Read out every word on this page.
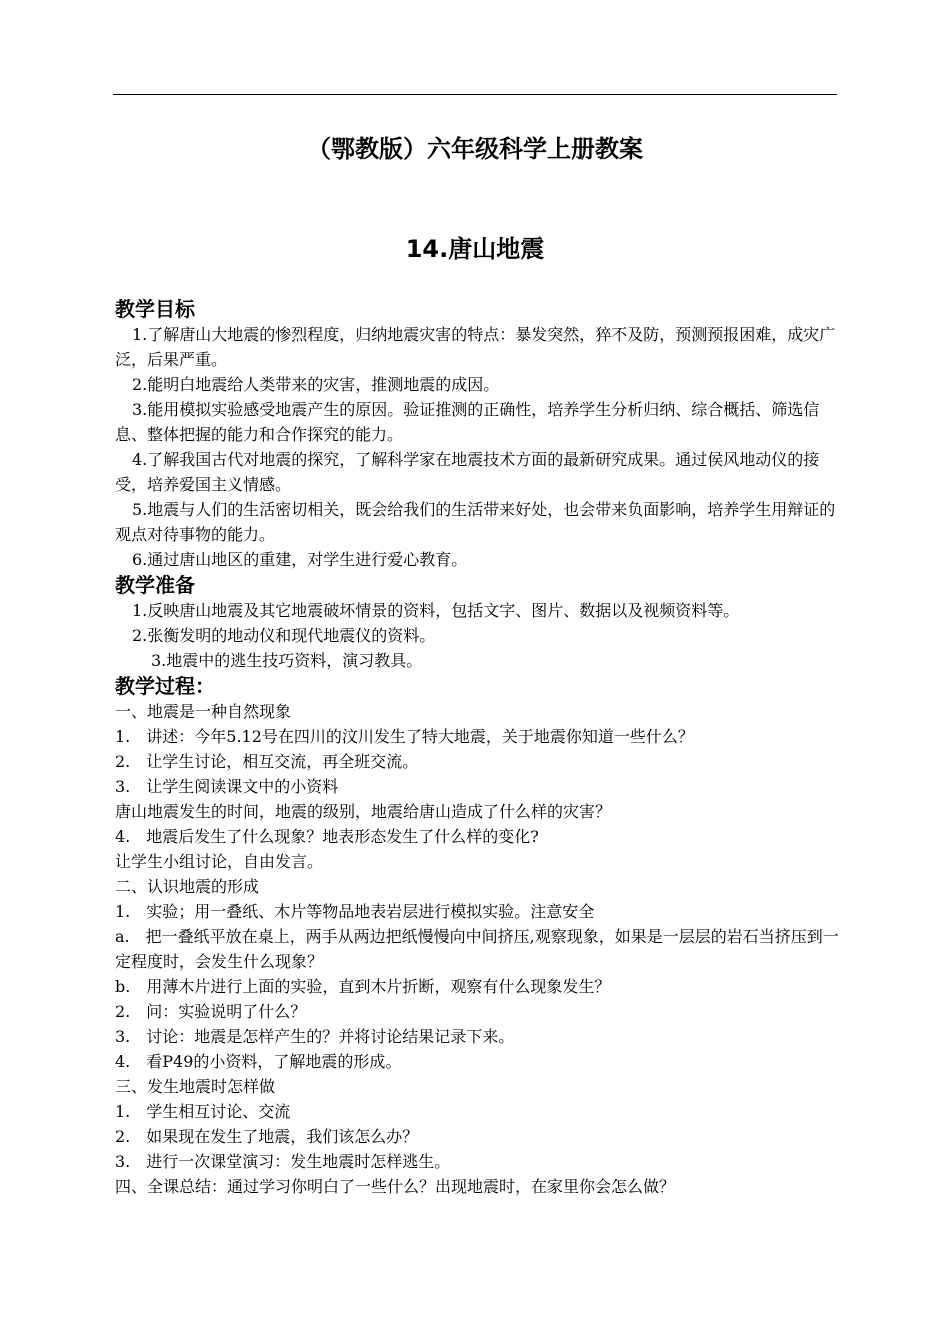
（鄂教版）六年级科学上册教案
14.唐山地震
教学目标
1.了解唐山大地震的惨烈程度，归纳地震灾害的特点：暴发突然，猝不及防，预测预报困难，成灾广泛，后果严重。
2.能明白地震给人类带来的灾害，推测地震的成因。
3.能用模拟实验感受地震产生的原因。验证推测的正确性，培养学生分析归纳、综合概括、筛选信息、整体把握的能力和合作探究的能力。
4.了解我国古代对地震的探究，了解科学家在地震技术方面的最新研究成果。通过侯风地动仪的接受，培养爱国主义情感。
5.地震与人们的生活密切相关，既会给我们的生活带来好处，也会带来负面影响，培养学生用辩证的观点对待事物的能力。
6.通过唐山地区的重建，对学生进行爱心教育。
教学准备
1.反映唐山地震及其它地震破坏情景的资料，包括文字、图片、数据以及视频资料等。
2.张衡发明的地动仪和现代地震仪的资料。
3.地震中的逃生技巧资料，演习教具。
教学过程：
一、地震是一种自然现象
1.　讲述：今年5.12号在四川的汶川发生了特大地震，关于地震你知道一些什么？
2.　让学生讨论，相互交流，再全班交流。
3.　让学生阅读课文中的小资料
唐山地震发生的时间，地震的级别，地震给唐山造成了什么样的灾害？
4.　地震后发生了什么现象？地表形态发生了什么样的变化?
让学生小组讨论，自由发言。
二、认识地震的形成
1.　实验；用一叠纸、木片等物品地表岩层进行模拟实验。注意安全
a.　把一叠纸平放在桌上，两手从两边把纸慢慢向中间挤压,观察现象，如果是一层层的岩石当挤压到一定程度时，会发生什么现象？
b.　用薄木片进行上面的实验，直到木片折断，观察有什么现象发生？
2.　问：实验说明了什么？
3.　讨论：地震是怎样产生的？并将讨论结果记录下来。
4.　看P49的小资料，了解地震的形成。
三、发生地震时怎样做
1.　学生相互讨论、交流
2.　如果现在发生了地震，我们该怎么办？
3.　进行一次课堂演习：发生地震时怎样逃生。
四、全课总结：通过学习你明白了一些什么？出现地震时，在家里你会怎么做？
